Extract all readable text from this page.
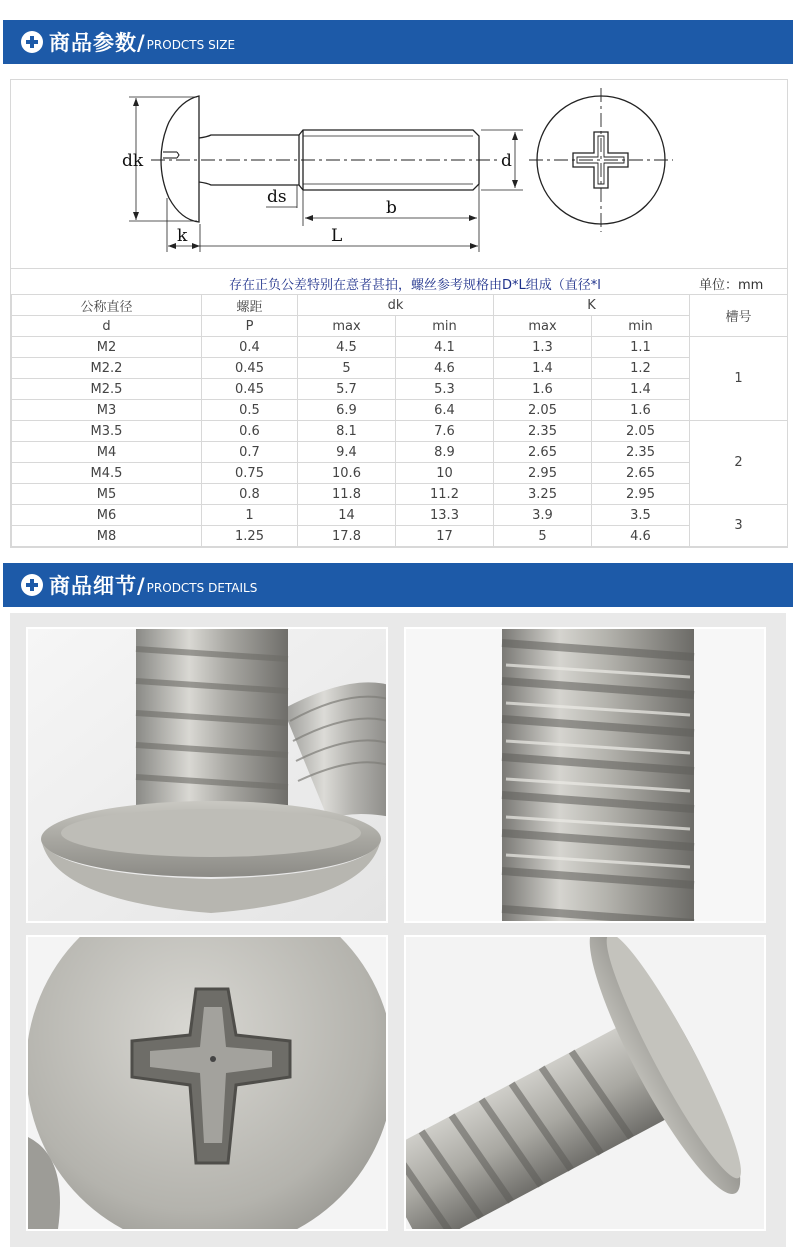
商品参数/ PRODCTS SIZE
dk
ds
b
k	L
d
存在正负公差特别在意者甚拍，螺丝参考规格由D*L组成（直径*l	单位：mm
公称直径	螺距	dk		K		槽号
d	P	max	min	max	min	
M2	0.4	4.5	4.1	1.3	1.1	1
M2.2	0.45	5	4.6	1.4	1.2	
M2.5	0.45	5.7	5.3	1.6	1.4	
M3	0.5	6.9	6.4	2.05	1.6	
M3.5	0.6	8.1	7.6	2.35	2.05	2
M4	0.7	9.4	8.9	2.65	2.35	
M4.5	0.75	10.6	10	2.95	2.65	
M5	0.8	11.8	11.2	3.25	2.95	
M6	1	14	13.3	3.9	3.5	3
M8	1.25	17.8	17	5	4.6	
商品细节/ PRODCTS DETAILS
